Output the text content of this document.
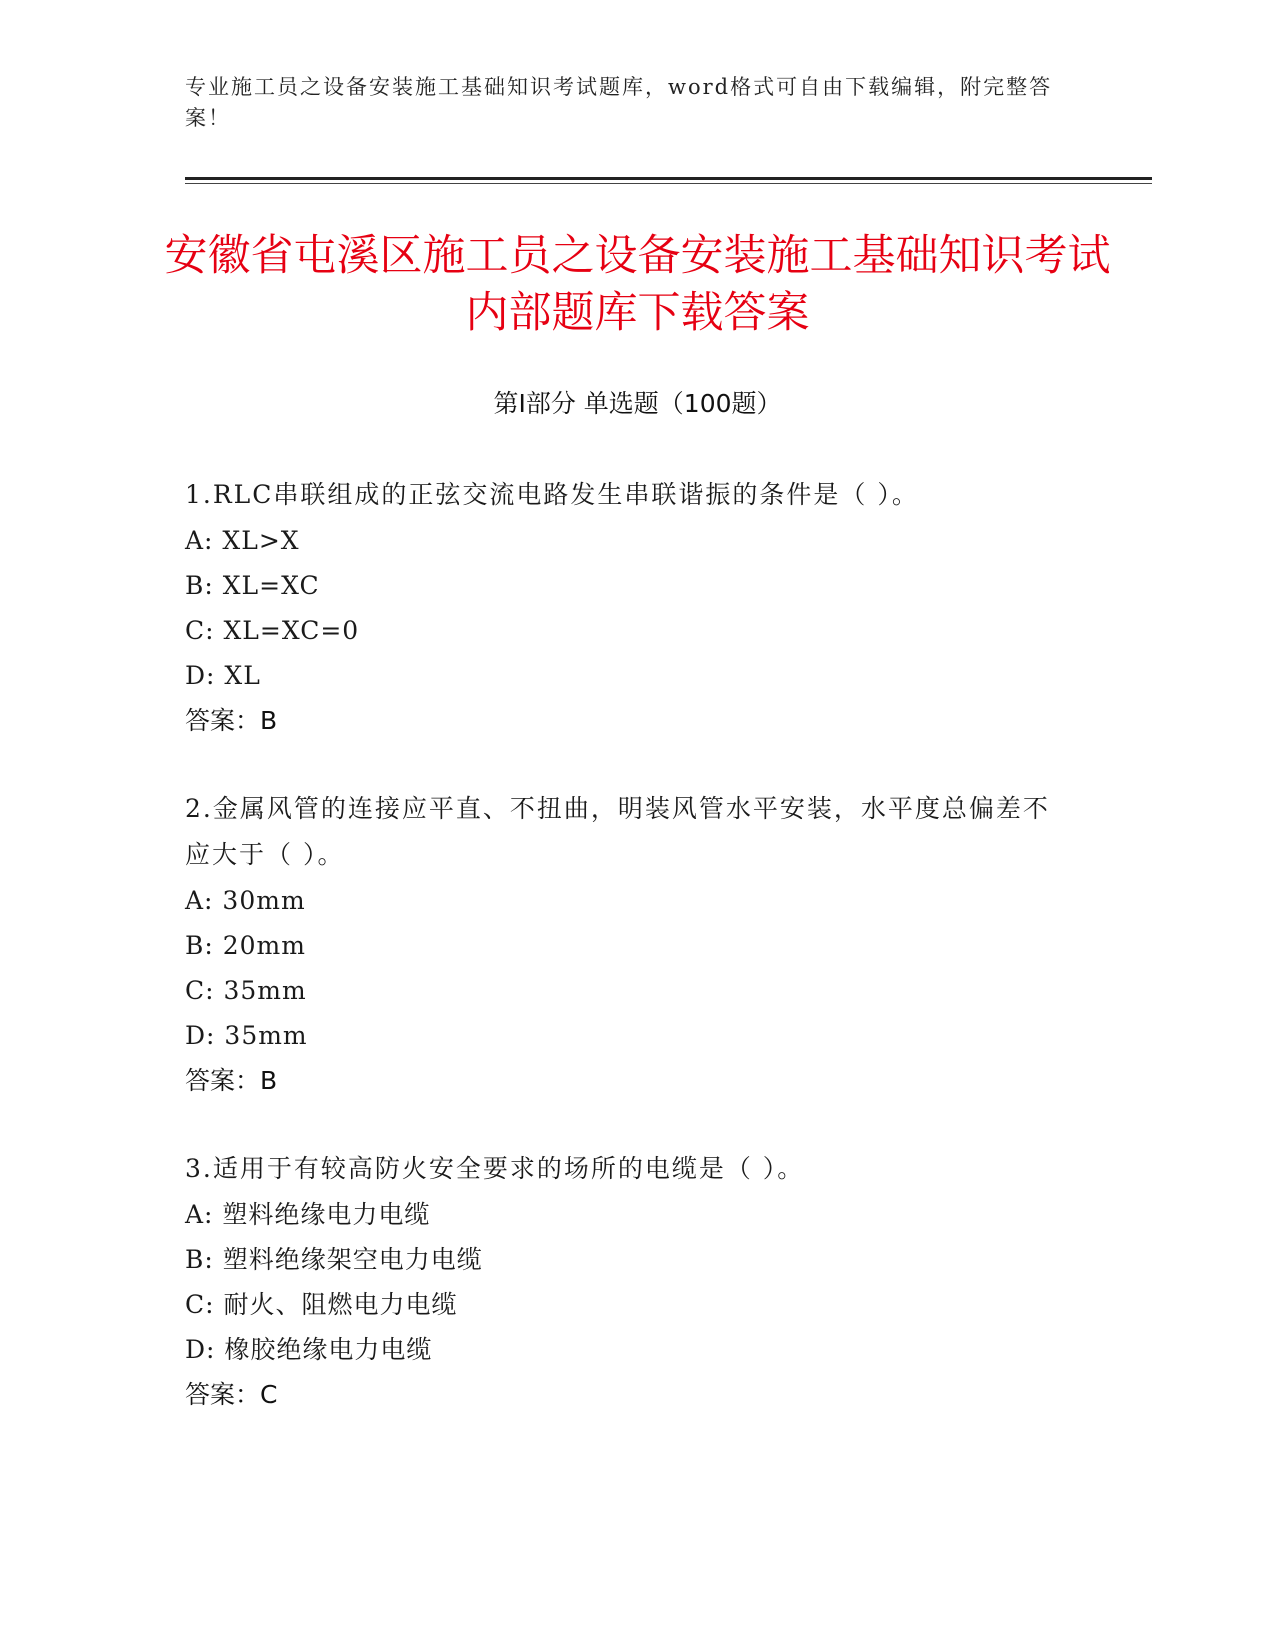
专业施工员之设备安装施工基础知识考试题库，word格式可自由下载编辑，附完整答案！
安徽省屯溪区施工员之设备安装施工基础知识考试内部题库下载答案
第Ⅰ部分 单选题（100题）
1.RLC串联组成的正弦交流电路发生串联谐振的条件是（ ）。
A: XL>X
B: XL=XC
C: XL=XC=0
D: XL
答案：B
2.金属风管的连接应平直、不扭曲，明装风管水平安装，水平度总偏差不应大于（ ）。
A: 30mm
B: 20mm
C: 35mm
D: 35mm
答案：B
3.适用于有较高防火安全要求的场所的电缆是（ ）。
A: 塑料绝缘电力电缆
B: 塑料绝缘架空电力电缆
C: 耐火、阻燃电力电缆
D: 橡胶绝缘电力电缆
答案：C
